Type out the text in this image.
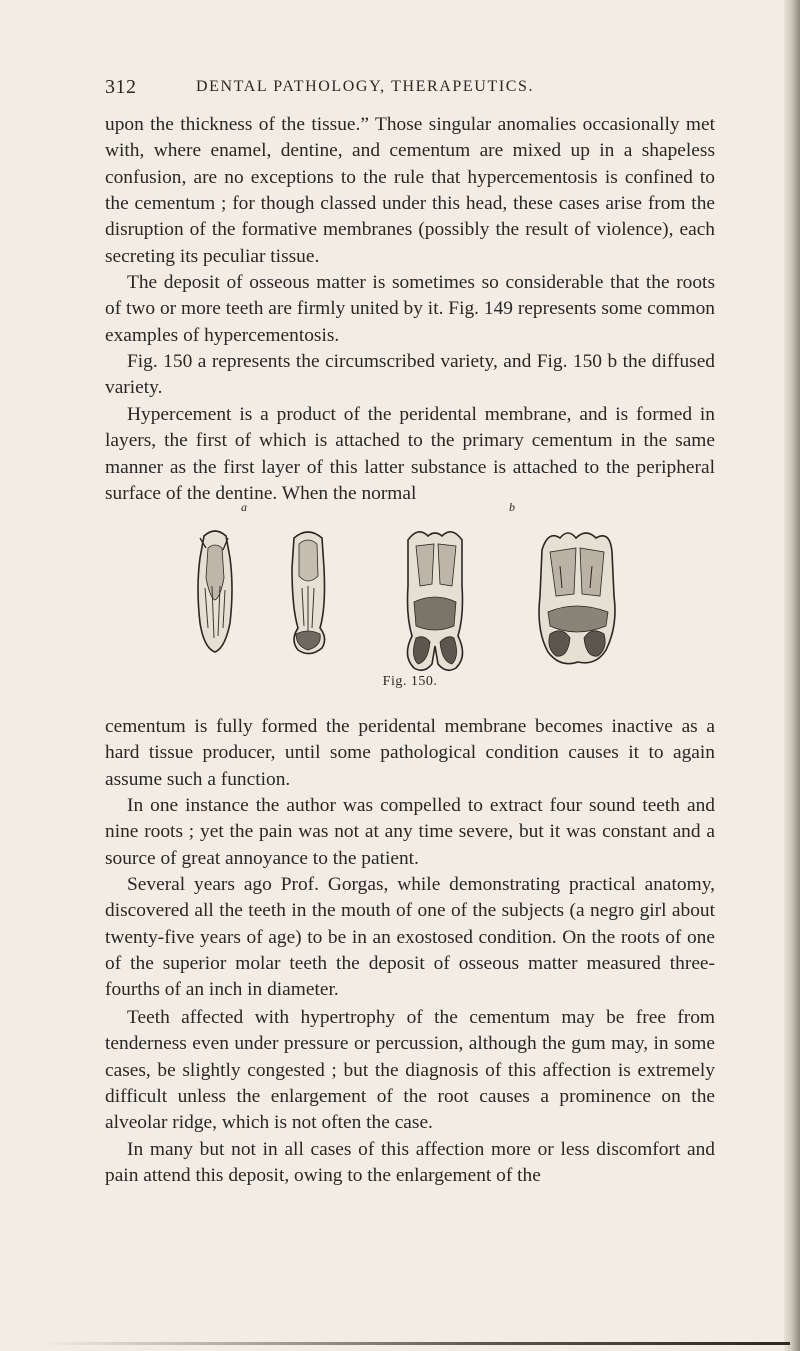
312	DENTAL PATHOLOGY, THERAPEUTICS.

upon the thickness of the tissue.” Those singular anomalies occasionally met with, where enamel, dentine, and cementum are mixed up in a shapeless confusion, are no exceptions to the rule that hypercementosis is confined to the cementum ; for though classed under this head, these cases arise from the disruption of the formative membranes (possibly the result of violence), each secreting its peculiar tissue.

The deposit of osseous matter is sometimes so considerable that the roots of two or more teeth are firmly united by it. Fig. 149 represents some common examples of hypercementosis.

Fig. 150 a represents the circumscribed variety, and Fig. 150 b the diffused variety.

Hypercement is a product of the peridental membrane, and is formed in layers, the first of which is attached to the primary cementum in the same manner as the first layer of this latter substance is attached to the peripheral surface of the dentine. When the normal

a	b
Fig. 150.

cementum is fully formed the peridental membrane becomes inactive as a hard tissue producer, until some pathological condition causes it to again assume such a function.

In one instance the author was compelled to extract four sound teeth and nine roots ; yet the pain was not at any time severe, but it was constant and a source of great annoyance to the patient.

Several years ago Prof. Gorgas, while demonstrating practical anatomy, discovered all the teeth in the mouth of one of the subjects (a negro girl about twenty-five years of age) to be in an exostosed condition. On the roots of one of the superior molar teeth the deposit of osseous matter measured three-fourths of an inch in diameter.

Teeth affected with hypertrophy of the cementum may be free from tenderness even under pressure or percussion, although the gum may, in some cases, be slightly congested ; but the diagnosis of this affection is extremely difficult unless the enlargement of the root causes a prominence on the alveolar ridge, which is not often the case.

In many but not in all cases of this affection more or less discomfort and pain attend this deposit, owing to the enlargement of the
